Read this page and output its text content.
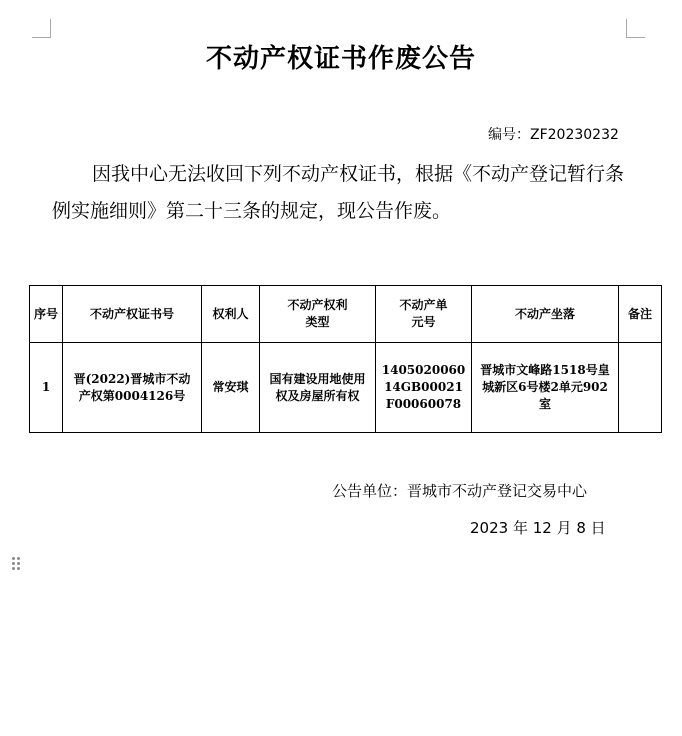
不动产权证书作废公告
编号：ZF20230232
因我中心无法收回下列不动产权证书，根据《不动产登记暂行条例实施细则》第二十三条的规定，现公告作废。
序号	不动产权证书号	权利人	不动产权利类型	不动产单元号	不动产坐落	备注
1	晋(2022)晋城市不动产权第0004126号	常安琪	国有建设用地使用权及房屋所有权	140502006014GB00021F00060078	晋城市文峰路1518号皇城新区6号楼2单元902室	
公告单位：晋城市不动产登记交易中心
2023 年 12 月 8 日
